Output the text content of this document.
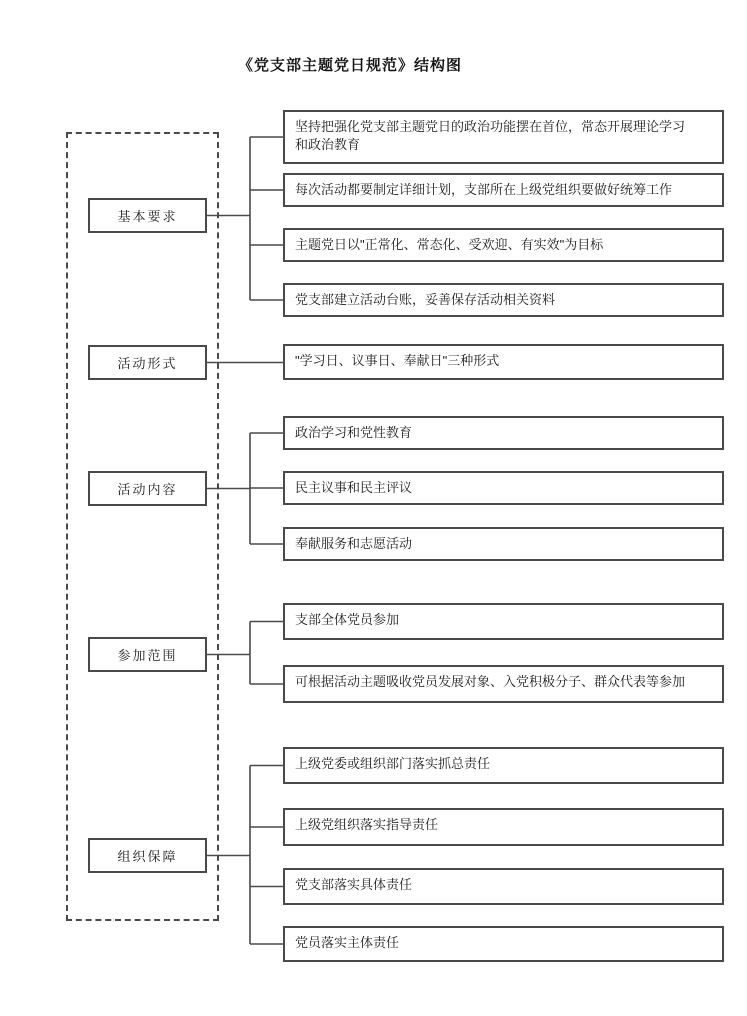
《党支部主题党日规范》结构图
基本要求
坚持把强化党支部主题党日的政治功能摆在首位，常态开展理论学习和政治教育
每次活动都要制定详细计划，支部所在上级党组织要做好统筹工作
主题党日以"正常化、常态化、受欢迎、有实效"为目标
党支部建立活动台账，妥善保存活动相关资料
活动形式	"学习日、议事日、奉献日"三种形式
活动内容
政治学习和党性教育
民主议事和民主评议
奉献服务和志愿活动
参加范围
支部全体党员参加
可根据活动主题吸收党员发展对象、入党积极分子、群众代表等参加
组织保障
上级党委或组织部门落实抓总责任
上级党组织落实指导责任
党支部落实具体责任
党员落实主体责任
